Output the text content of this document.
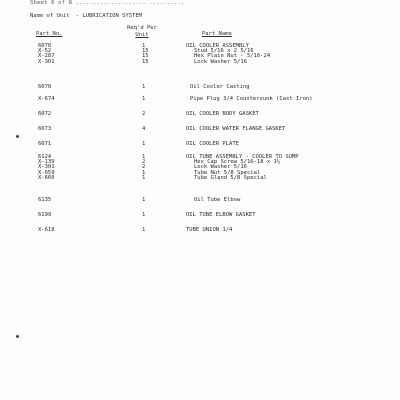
Sheet 6 of 8 .................... ..........
Name of Unit - LUBRICATION SYSTEM
Part No.
Req'd Per
Unit	Part Name
6070	1	OIL COOLER ASSEMBLY
X-52	15	Stud 5/16 x 2 5/16
X-287	15	Hex Plain Nut - 5/16-24
X-301	15	Lock Washer 5/16
6070	1	Oil Cooler Casting
X-674	1	Pipe Plug 3/4 Countersunk (Cast Iron)
6072	2	OIL COOLER BODY GASKET
6073	4	OIL COOLER WATER FLANGE GASKET
6071	1	OIL COOLER PLATE
6124	1	OIL TUBE ASSEMBLY - COOLER TO SUMP
X-139	2	Hex Cap Screw 5/16-18 x 1½
X-301	2	Lock Washer 5/16
X-659	1	Tube Nut 5/8 Special
X-660	1	Tube Gland 5/8 Special
6135	1	Oil Tube Elbow
6199	1	OIL TUBE ELBOW GASKET
X-618	1	TUBE UNION 1/4
